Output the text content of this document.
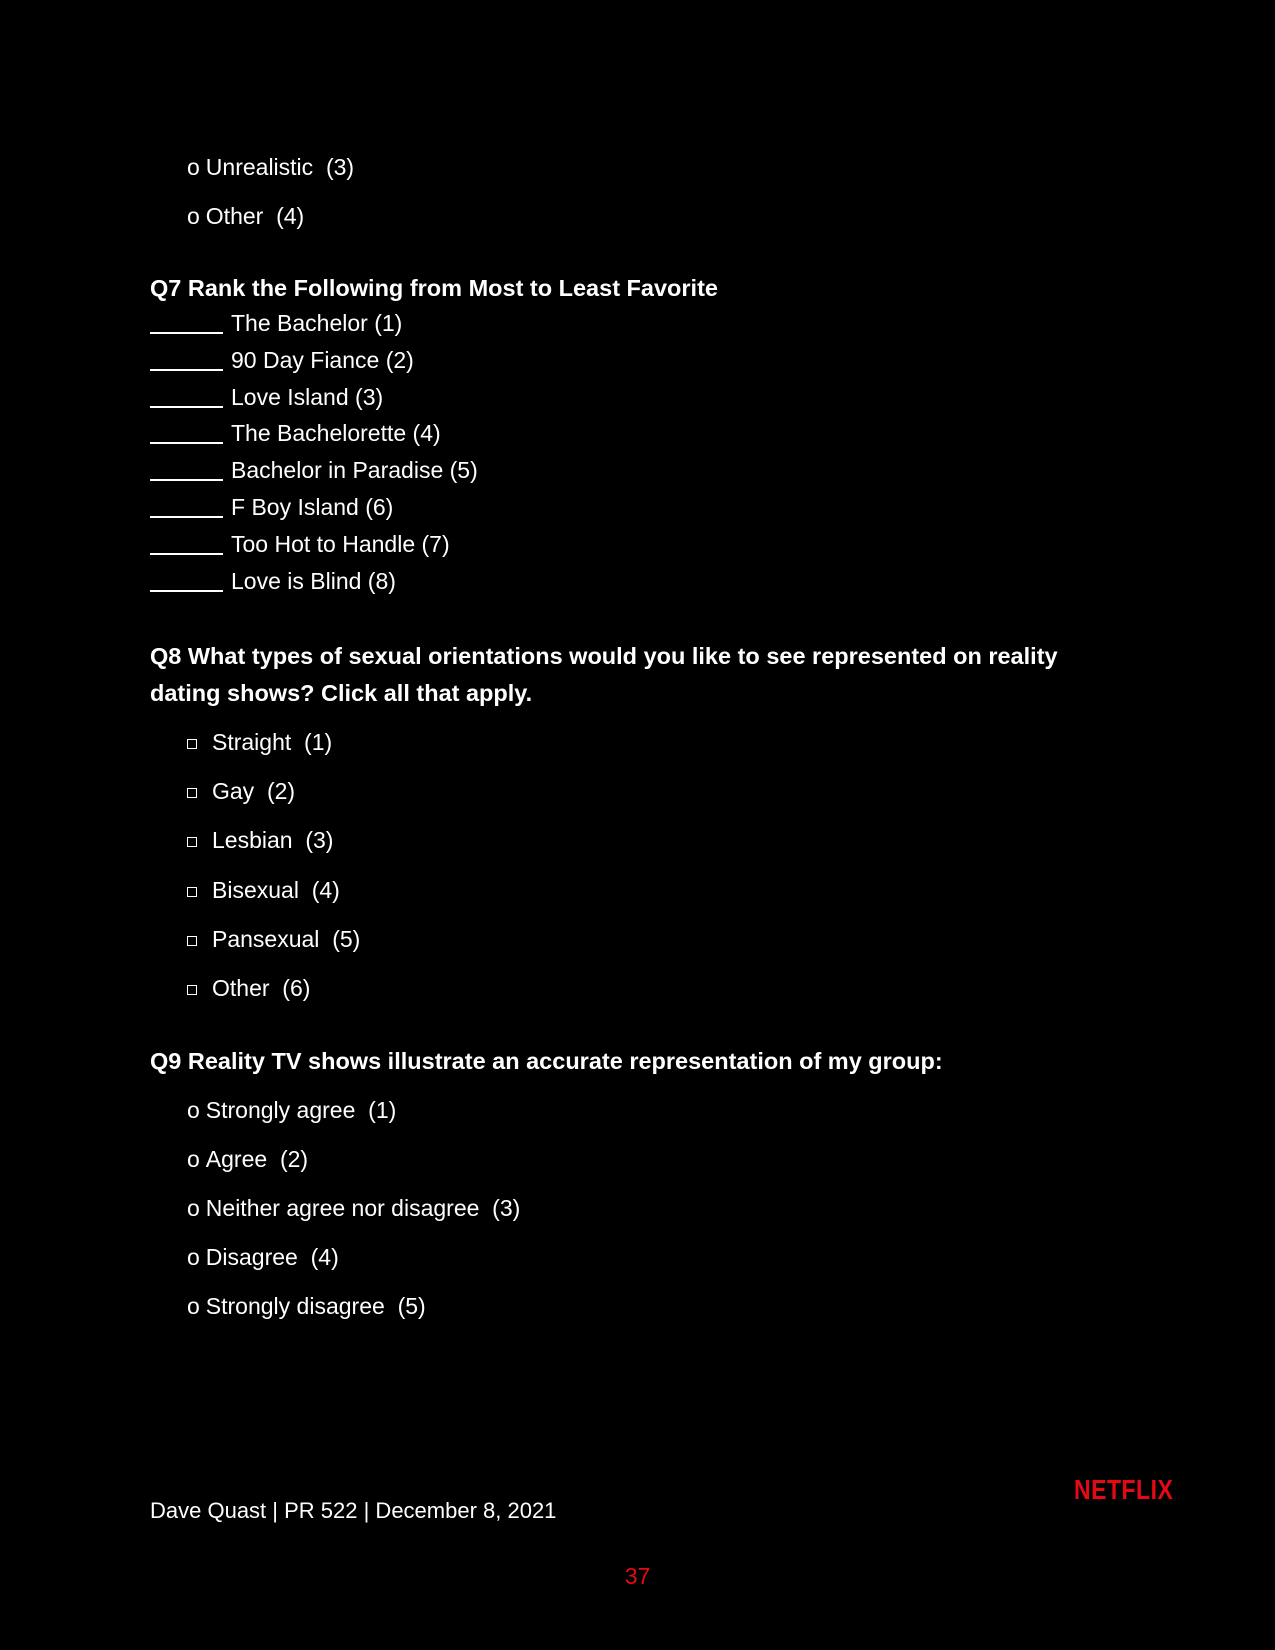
o Unrealistic  (3)
o Other  (4)
Q7 Rank the Following from Most to Least Favorite
The Bachelor (1)
90 Day Fiance (2)
Love Island (3)
The Bachelorette (4)
Bachelor in Paradise (5)
F Boy Island (6)
Too Hot to Handle (7)
Love is Blind (8)
Q8 What types of sexual orientations would you like to see represented on reality dating shows? Click all that apply.
Straight  (1)
Gay  (2)
Lesbian  (3)
Bisexual  (4)
Pansexual  (5)
Other  (6)
Q9 Reality TV shows illustrate an accurate representation of my group:
o Strongly agree  (1)
o Agree  (2)
o Neither agree nor disagree  (3)
o Disagree  (4)
o Strongly disagree  (5)
Dave Quast | PR 522 | December 8, 2021
NETFLIX
37
